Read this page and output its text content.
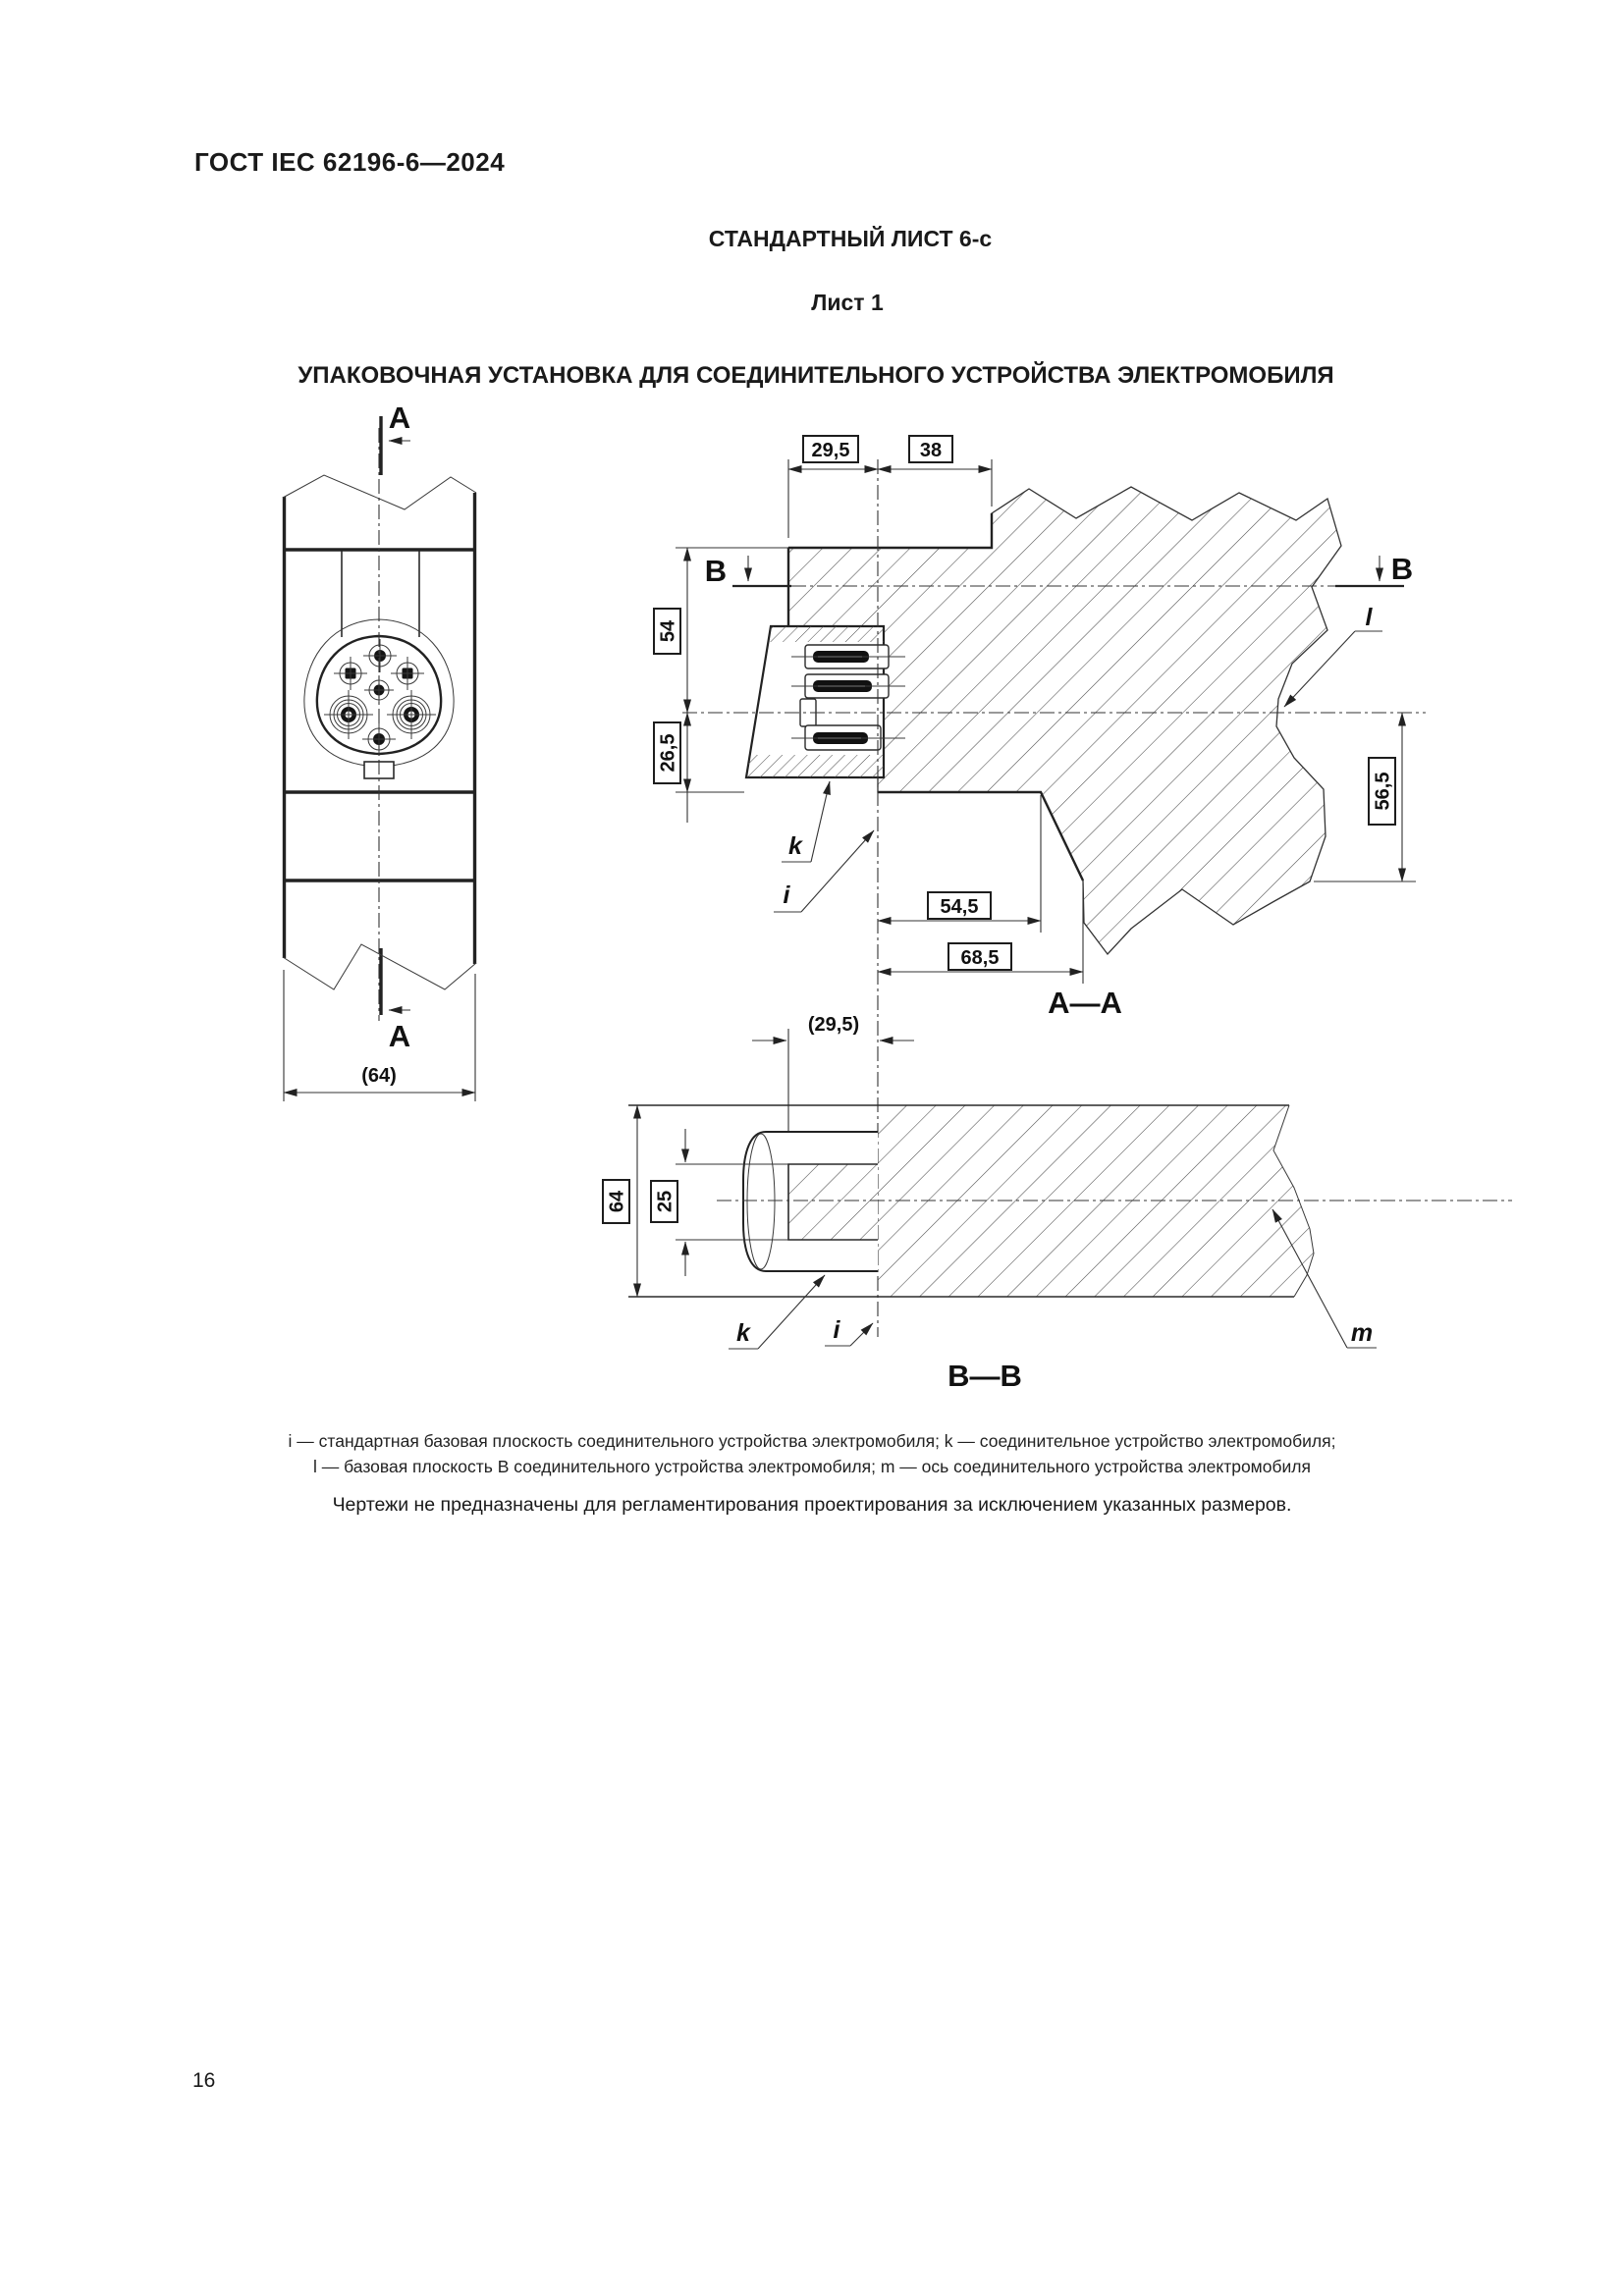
ГОСТ IEC 62196-6—2024
СТАНДАРТНЫЙ ЛИСТ 6-с
Лист 1
УПАКОВОЧНАЯ УСТАНОВКА ДЛЯ СОЕДИНИТЕЛЬНОГО УСТРОЙСТВА ЭЛЕКТРОМОБИЛЯ
A
A
(64)
B	B
29,5	38
54
26,5
56,5
54,5
68,5
А—А
k
i
l
(29,5)
64 25
k	i	m
В—В
i — стандартная базовая плоскость соединительного устройства электромобиля; k — соединительное устройство электромобиля;
l — базовая плоскость B соединительного устройства электромобиля; m — ось соединительного устройства электромобиля
Чертежи не предназначены для регламентирования проектирования за исключением указанных размеров.
16
